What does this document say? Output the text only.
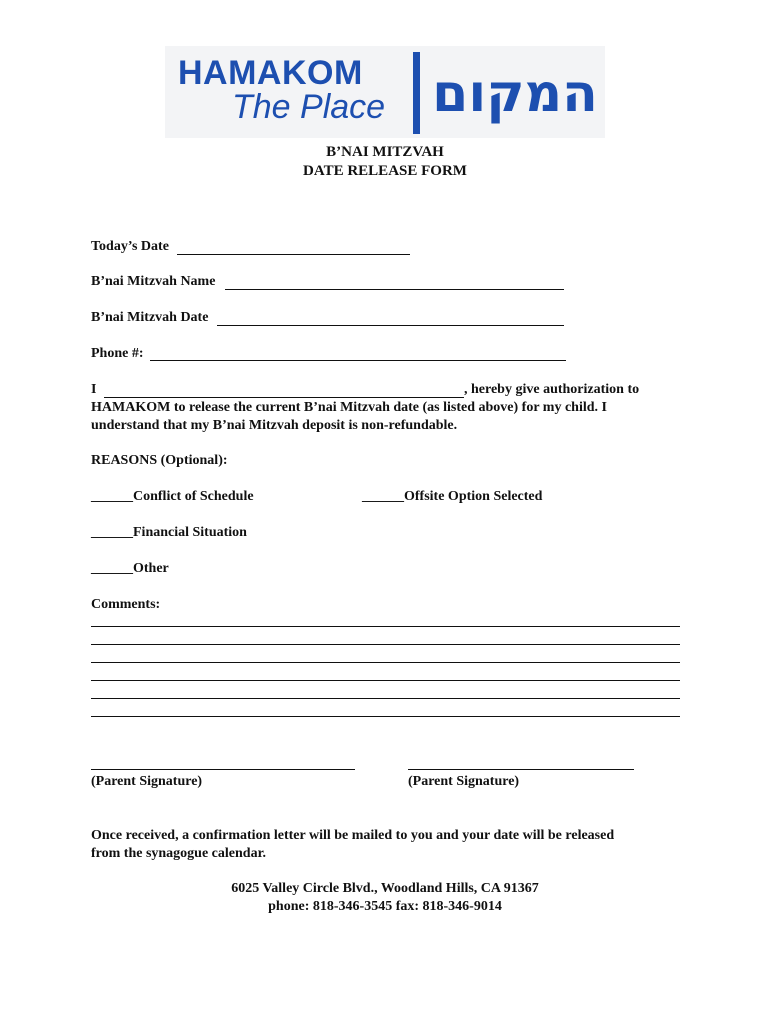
HAMAKOM
The Place המקום
B’NAI MITZVAH
DATE RELEASE FORM
Today’s Date
B’nai Mitzvah Name
B’nai Mitzvah Date
Phone #:
I	, hereby give authorization to
HAMAKOM to release the current B’nai Mitzvah date (as listed above) for my child. I
understand that my B’nai Mitzvah deposit is non-refundable.
REASONS (Optional):
______Conflict of Schedule	______Offsite Option Selected
______Financial Situation
______Other
Comments:
(Parent Signature)	(Parent Signature)
Once received, a confirmation letter will be mailed to you and your date will be released
from the synagogue calendar.
6025 Valley Circle Blvd., Woodland Hills, CA 91367
phone: 818-346-3545 fax: 818-346-9014
